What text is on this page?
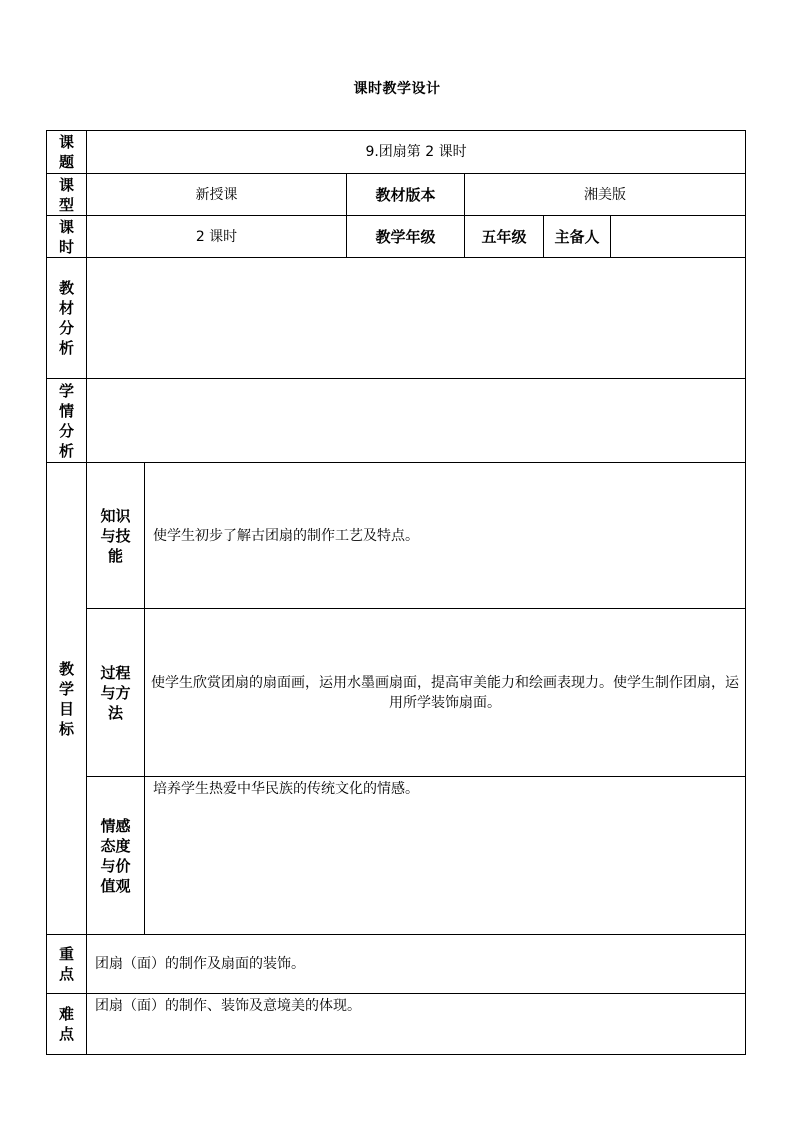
课时教学设计
课题	9.团扇第 2 课时					
课型	新授课		教材版本	湘美版		
课时	2 课时		教学年级	五年级	主备人	
教材分析						
学情分析						
教学目标	知识与技能	使学生初步了解古团扇的制作工艺及特点。				
	过程与方法	使学生欣赏团扇的扇面画，运用水墨画扇面，提高审美能力和绘画表现力。使学生制作团扇，运用所学装饰扇面。				
	情感态度与价值观	培养学生热爱中华民族的传统文化的情感。				
重点	团扇（面）的制作及扇面的装饰。					
难点	团扇（面）的制作、装饰及意境美的体现。					
